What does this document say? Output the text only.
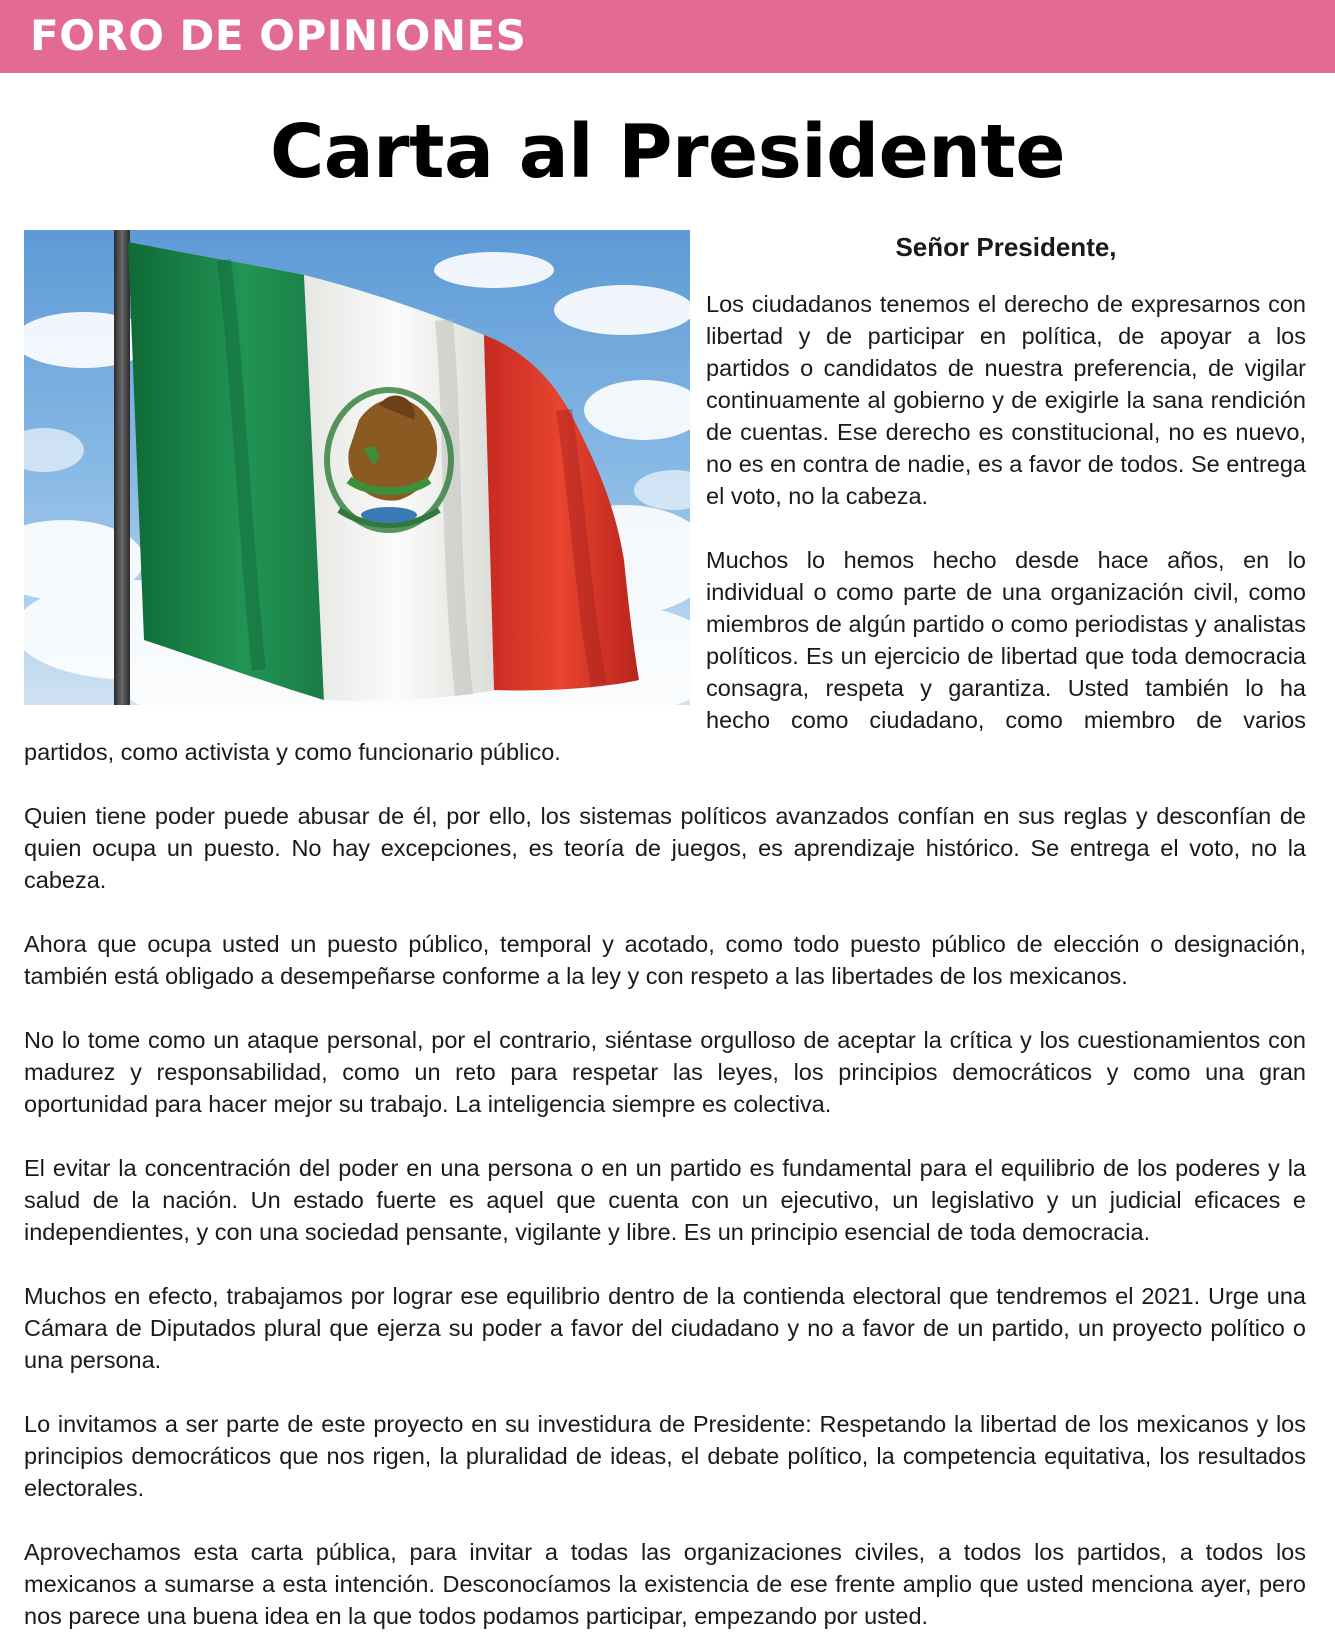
FORO DE OPINIONES
Carta al Presidente
Señor Presidente,

Los ciudadanos tenemos el derecho de expresarnos con libertad y de participar en política, de apoyar a los partidos o candidatos de nuestra preferencia, de vigilar continuamente al gobierno y de exigirle la sana rendición de cuentas. Ese derecho es constitucional, no es nuevo, no es en contra de nadie, es a favor de todos. Se entrega el voto, no la cabeza.

Muchos lo hemos hecho desde hace años, en lo individual o como parte de una organización civil, como miembros de algún partido o como periodistas y analistas políticos. Es un ejercicio de libertad que toda democracia consagra, respeta y garantiza. Usted también lo ha hecho como ciudadano, como miembro de varios partidos, como activista y como funcionario público.

Quien tiene poder puede abusar de él, por ello, los sistemas políticos avanzados confían en sus reglas y desconfían de quien ocupa un puesto. No hay excepciones, es teoría de juegos, es aprendizaje histórico. Se entrega el voto, no la cabeza.

Ahora que ocupa usted un puesto público, temporal y acotado, como todo puesto público de elección o designación, también está obligado a desempeñarse conforme a la ley y con respeto a las libertades de los mexicanos.

No lo tome como un ataque personal, por el contrario, siéntase orgulloso de aceptar la crítica y los cuestionamientos con madurez y responsabilidad, como un reto para respetar las leyes, los principios democráticos y como una gran oportunidad para hacer mejor su trabajo. La inteligencia siempre es colectiva.

El evitar la concentración del poder en una persona o en un partido es fundamental para el equilibrio de los poderes y la salud de la nación. Un estado fuerte es aquel que cuenta con un ejecutivo, un legislativo y un judicial eficaces e independientes, y con una sociedad pensante, vigilante y libre. Es un principio esencial de toda democracia.

Muchos en efecto, trabajamos por lograr ese equilibrio dentro de la contienda electoral que tendremos el 2021. Urge una Cámara de Diputados plural que ejerza su poder a favor del ciudadano y no a favor de un partido, un proyecto político o una persona.

Lo invitamos a ser parte de este proyecto en su investidura de Presidente: Respetando la libertad de los mexicanos y los principios democráticos que nos rigen, la pluralidad de ideas, el debate político, la competencia equitativa, los resultados electorales.

Aprovechamos esta carta pública, para invitar a todas las organizaciones civiles, a todos los partidos, a todos los mexicanos a sumarse a esta intención. Desconocíamos la existencia de ese frente amplio que usted menciona ayer, pero nos parece una buena idea en la que todos podamos participar, empezando por usted.
